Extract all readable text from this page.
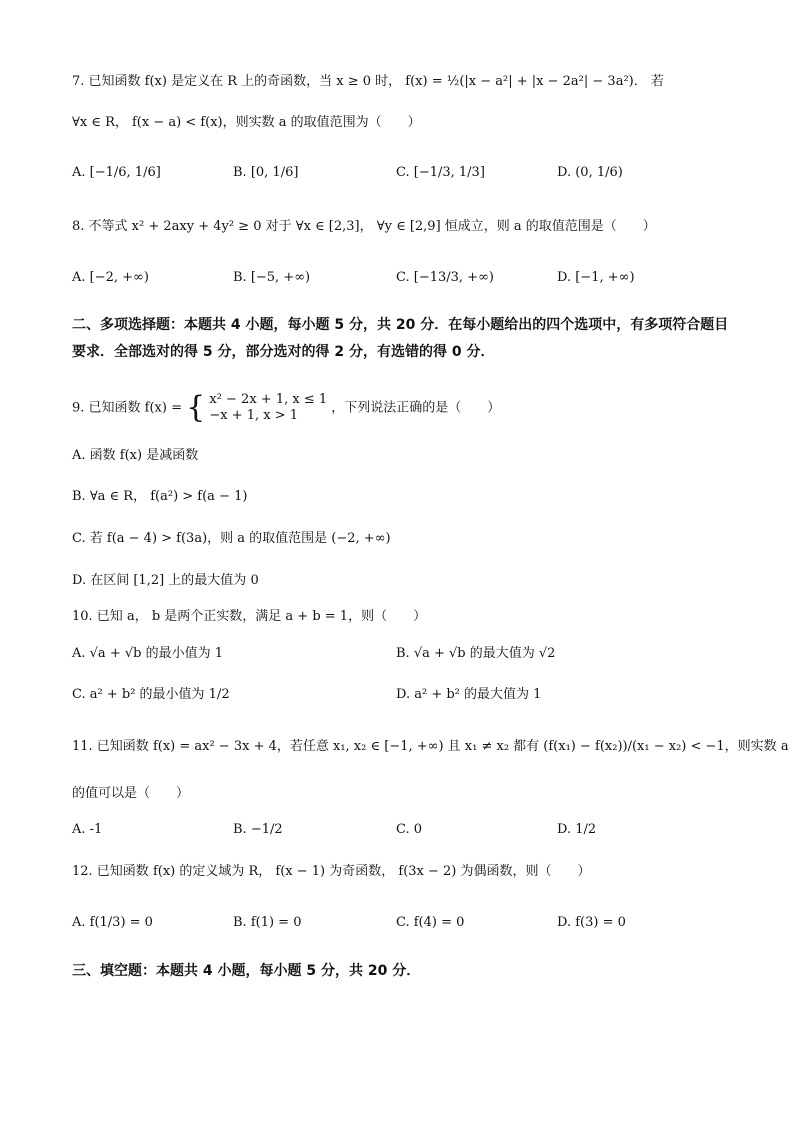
7. 已知函数 f(x) 是定义在 R 上的奇函数，当 x ≥ 0 时， f(x) = ½(|x − a²| + |x − 2a²| − 3a²)． 若
∀x ∈ R， f(x − a) < f(x)，则实数 a 的取值范围为（　　）
A. [−1/6, 1/6]	B. [0, 1/6]	C. [−1/3, 1/3]	D. (0, 1/6)
8. 不等式 x² + 2axy + 4y² ≥ 0 对于 ∀x ∈ [2,3]， ∀y ∈ [2,9] 恒成立，则 a 的取值范围是（　　）
A. [−2, +∞)	B. [−5, +∞)	C. [−13/3, +∞)	D. [−1, +∞)
二、多项选择题：本题共 4 小题，每小题 5 分，共 20 分．在每小题给出的四个选项中，有多项符合题目要求．全部选对的得 5 分，部分选对的得 2 分，有选错的得 0 分．
9. 已知函数 f(x) = { x² − 2x + 1, x ≤ 1
−x + 1, x > 1	，下列说法正确的是（　　）
A. 函数 f(x) 是减函数
B. ∀a ∈ R， f(a²) > f(a − 1)
C. 若 f(a − 4) > f(3a)，则 a 的取值范围是 (−2, +∞)
D. 在区间 [1,2] 上的最大值为 0
10. 已知 a， b 是两个正实数，满足 a + b = 1，则（　　）
A. √a + √b 的最小值为 1	B. √a + √b 的最大值为 √2
C. a² + b² 的最小值为 1/2	D. a² + b² 的最大值为 1
11. 已知函数 f(x) = ax² − 3x + 4，若任意 x₁, x₂ ∈ [−1, +∞) 且 x₁ ≠ x₂ 都有 (f(x₁) − f(x₂))/(x₁ − x₂) < −1，则实数 a
的值可以是（　　）
A. -1	B. −1/2	C. 0	D. 1/2
12. 已知函数 f(x) 的定义域为 R， f(x − 1) 为奇函数， f(3x − 2) 为偶函数，则（　　）
A. f(1/3) = 0	B. f(1) = 0	C. f(4) = 0	D. f(3) = 0
三、填空题：本题共 4 小题，每小题 5 分，共 20 分．
